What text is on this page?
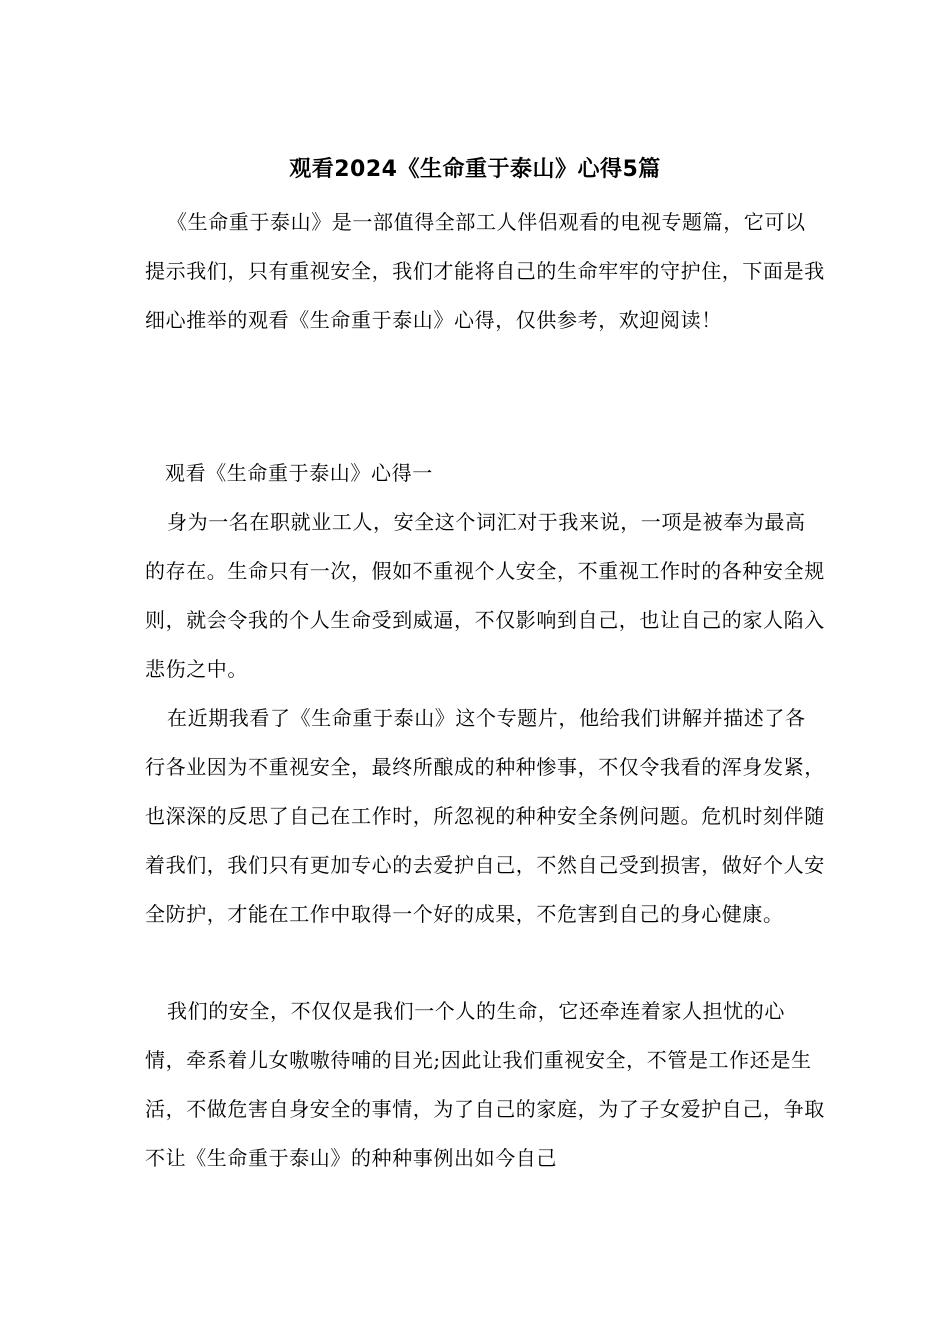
观看2024《生命重于泰山》心得5篇

《生命重于泰山》是一部值得全部工人伴侣观看的电视专题篇，它可以提示我们，只有重视安全，我们才能将自己的生命牢牢的守护住，下面是我细心推举的观看《生命重于泰山》心得，仅供参考，欢迎阅读！

观看《生命重于泰山》心得一

身为一名在职就业工人，安全这个词汇对于我来说，一项是被奉为最高的存在。生命只有一次，假如不重视个人安全，不重视工作时的各种安全规则，就会令我的个人生命受到威逼，不仅影响到自己，也让自己的家人陷入悲伤之中。

在近期我看了《生命重于泰山》这个专题片，他给我们讲解并描述了各行各业因为不重视安全，最终所酿成的种种惨事，不仅令我看的浑身发紧，也深深的反思了自己在工作时，所忽视的种种安全条例问题。危机时刻伴随着我们，我们只有更加专心的去爱护自己，不然自己受到损害，做好个人安全防护，才能在工作中取得一个好的成果，不危害到自己的身心健康。

我们的安全，不仅仅是我们一个人的生命，它还牵连着家人担忧的心情，牵系着儿女嗷嗷待哺的目光;因此让我们重视安全，不管是工作还是生活，不做危害自身安全的事情，为了自己的家庭，为了子女爱护自己，争取不让《生命重于泰山》的种种事例出如今自己
